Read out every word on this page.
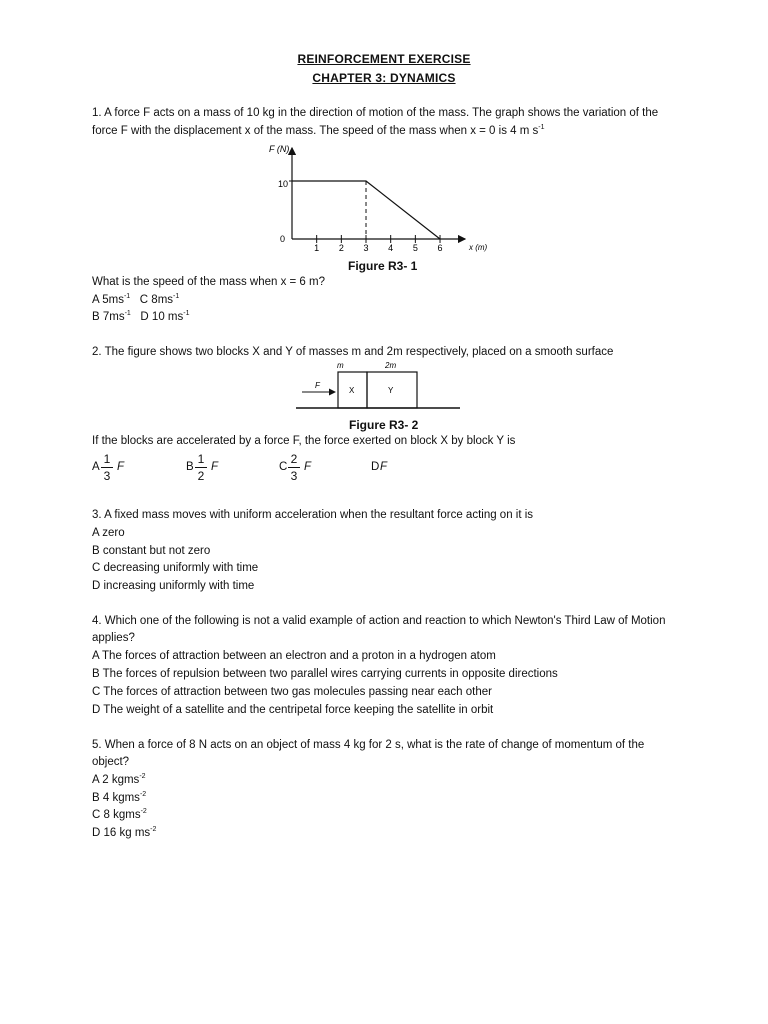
REINFORCEMENT EXERCISE
CHAPTER 3: DYNAMICS
1. A force F acts on a mass of 10 kg in the direction of motion of the mass. The graph shows the variation of the
force F with the displacement x of the mass. The speed of the mass when x = 0 is 4 m $s^{-1}$
F (N)
10
0
1 2 3 4 5 6	x (m)
Figure R3- 1
What is the speed of the mass when x = 6 m?
A $5ms^{-1}$ C $8ms^{-1}$
B $7ms^{-1}$ D 10 $ms^{-1}$
2. The figure shows two blocks X and Y of masses m and 2m respectively, placed on a smooth surface
m	2m
X	Y
F
Figure R3- 2
If the blocks are accelerated by a force F, the force exerted on block X by block Y is
A
1
3
F	B
1
2
F	C
2
3
F	D F
3. A fixed mass moves with uniform acceleration when the resultant force acting on it is
A zero
B constant but not zero
C decreasing uniformly with time
D increasing uniformly with time
4. Which one of the following is not a valid example of action and reaction to which Newton's Third Law of Motion
applies?
A The forces of attraction between an electron and a proton in a hydrogen atom
B The forces of repulsion between two parallel wires carrying currents in opposite directions
C The forces of attraction between two gas molecules passing near each other
D The weight of a satellite and the centripetal force keeping the satellite in orbit
5. When a force of 8 N acts on an object of mass 4 kg for 2 s, what is the rate of change of momentum of the
object?
A 2 kgms$^{-2}$
B 4 kgms$^{-2}$
C 8 kgms$^{-2}$
D 16 kg $ms^{-2}$
